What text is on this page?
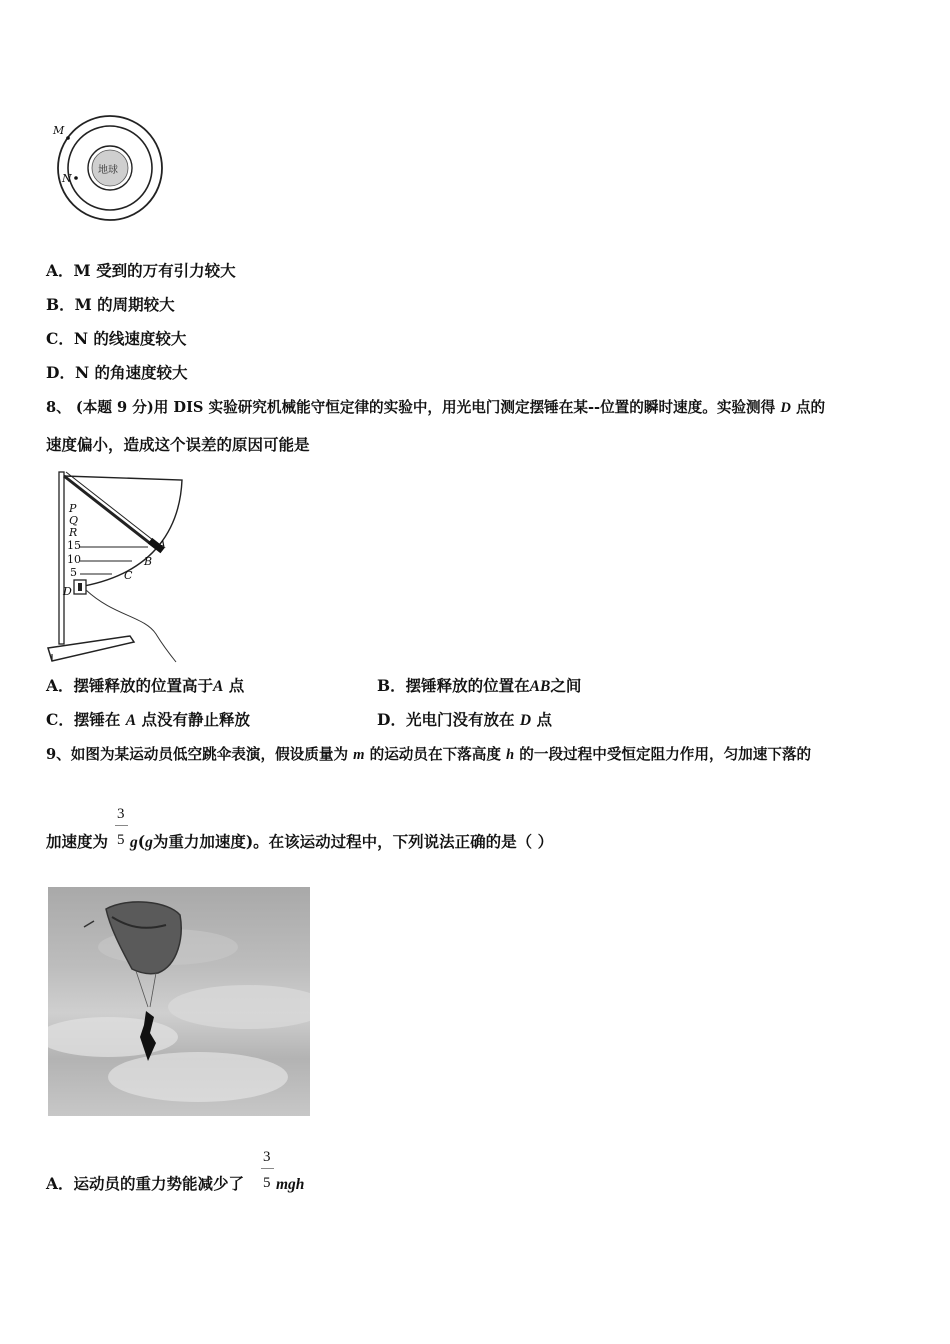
M
N
地球
A．M 受到的万有引力较大
B．M 的周期较大
C．N 的线速度较大
D．N 的角速度较大
8、 (本题 9 分)用 DIS 实验研究机械能守恒定律的实验中，用光电门测定摆锤在某--位置的瞬时速度。实验测得 D 点的
速度偏小，造成这个误差的原因可能是
P
Q
R
15
10
5
A
B
C
D
A．摆锤释放的位置高于A 点	B．摆锤释放的位置在AB之间
C．摆锤在 A 点没有静止释放	D．光电门没有放在 D 点
9、如图为某运动员低空跳伞表演，假设质量为 m 的运动员在下落高度 h 的一段过程中受恒定阻力作用，匀加速下落的
3
5
加速度为 g(g为重力加速度)。在该运动过程中，下列说法正确的是（ ）
3
5
A．运动员的重力势能减少了 mgh
